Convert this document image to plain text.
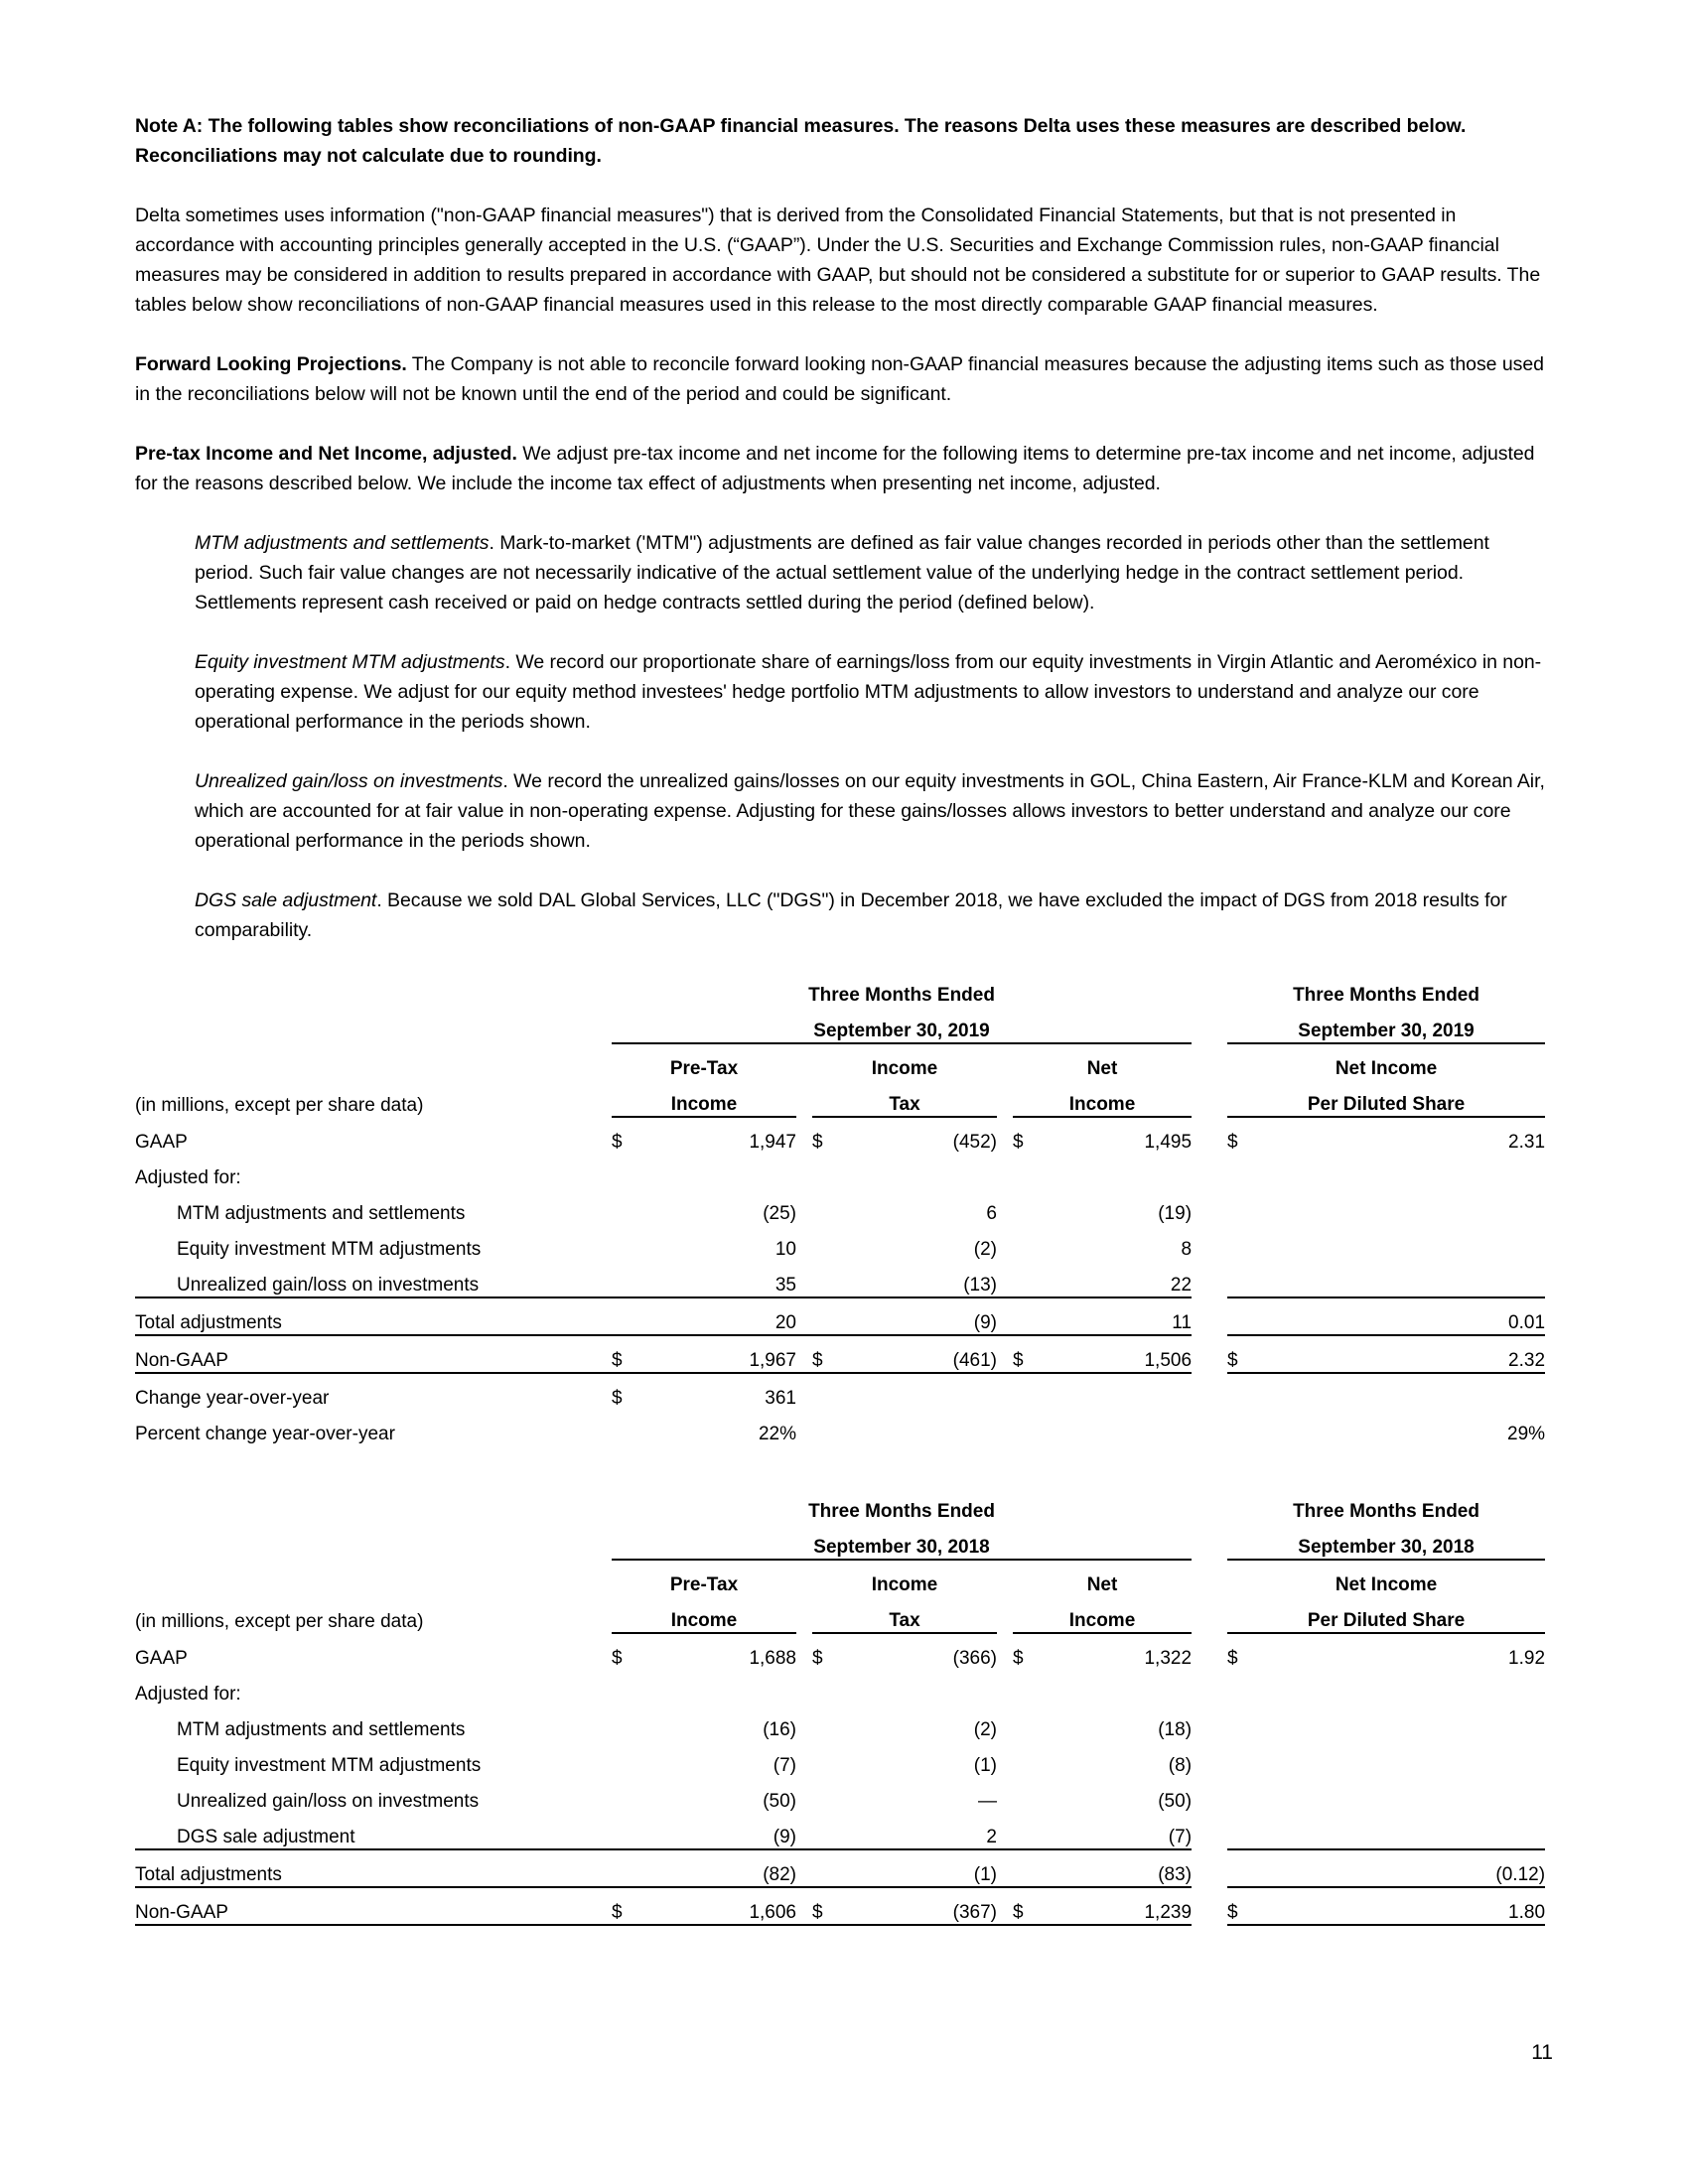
Note A: The following tables show reconciliations of non-GAAP financial measures. The reasons Delta uses these measures are described below. Reconciliations may not calculate due to rounding.

Delta sometimes uses information ("non-GAAP financial measures") that is derived from the Consolidated Financial Statements, but that is not presented in accordance with accounting principles generally accepted in the U.S. (“GAAP”). Under the U.S. Securities and Exchange Commission rules, non-GAAP financial measures may be considered in addition to results prepared in accordance with GAAP, but should not be considered a substitute for or superior to GAAP results. The tables below show reconciliations of non-GAAP financial measures used in this release to the most directly comparable GAAP financial measures.

Forward Looking Projections. The Company is not able to reconcile forward looking non-GAAP financial measures because the adjusting items such as those used in the reconciliations below will not be known until the end of the period and could be significant.

Pre-tax Income and Net Income, adjusted. We adjust pre-tax income and net income for the following items to determine pre-tax income and net income, adjusted for the reasons described below. We include the income tax effect of adjustments when presenting net income, adjusted.

MTM adjustments and settlements. Mark-to-market ('MTM") adjustments are defined as fair value changes recorded in periods other than the settlement period. Such fair value changes are not necessarily indicative of the actual settlement value of the underlying hedge in the contract settlement period. Settlements represent cash received or paid on hedge contracts settled during the period (defined below).

Equity investment MTM adjustments. We record our proportionate share of earnings/loss from our equity investments in Virgin Atlantic and Aeroméxico in non-operating expense. We adjust for our equity method investees' hedge portfolio MTM adjustments to allow investors to understand and analyze our core operational performance in the periods shown.

Unrealized gain/loss on investments. We record the unrealized gains/losses on our equity investments in GOL, China Eastern, Air France-KLM and Korean Air, which are accounted for at fair value in non-operating expense. Adjusting for these gains/losses allows investors to better understand and analyze our core operational performance in the periods shown.

DGS sale adjustment. Because we sold DAL Global Services, LLC ("DGS") in December 2018, we have excluded the impact of DGS from 2018 results for comparability.

		Three Months Ended									Three Months Ended	
		September 30, 2019									September 30, 2019	
		Pre-Tax			Income			Net			Net Income	
(in millions, except per share data)		Income			Tax			Income			Per Diluted Share	
GAAP		$	1,947		$	(452)		$	1,495		$	2.31
Adjusted for:												
MTM adjustments and settlements			(25)			6			(19)			
Equity investment MTM adjustments			10			(2)			8			
Unrealized gain/loss on investments			35			(13)			22			
Total adjustments			20			(9)			11			0.01
Non-GAAP		$	1,967		$	(461)		$	1,506		$	2.32
Change year-over-year		$	361									
Percent change year-over-year			22%									29%
		Three Months Ended									Three Months Ended	
		September 30, 2018									September 30, 2018	
		Pre-Tax			Income			Net			Net Income	
(in millions, except per share data)		Income			Tax			Income			Per Diluted Share	
GAAP		$	1,688		$	(366)		$	1,322		$	1.92
Adjusted for:												
MTM adjustments and settlements			(16)			(2)			(18)			
Equity investment MTM adjustments			(7)			(1)			(8)			
Unrealized gain/loss on investments			(50)			—			(50)			
DGS sale adjustment			(9)			2			(7)			
Total adjustments			(82)			(1)			(83)			(0.12)
Non-GAAP		$	1,606		$	(367)		$	1,239		$	1.80
11
